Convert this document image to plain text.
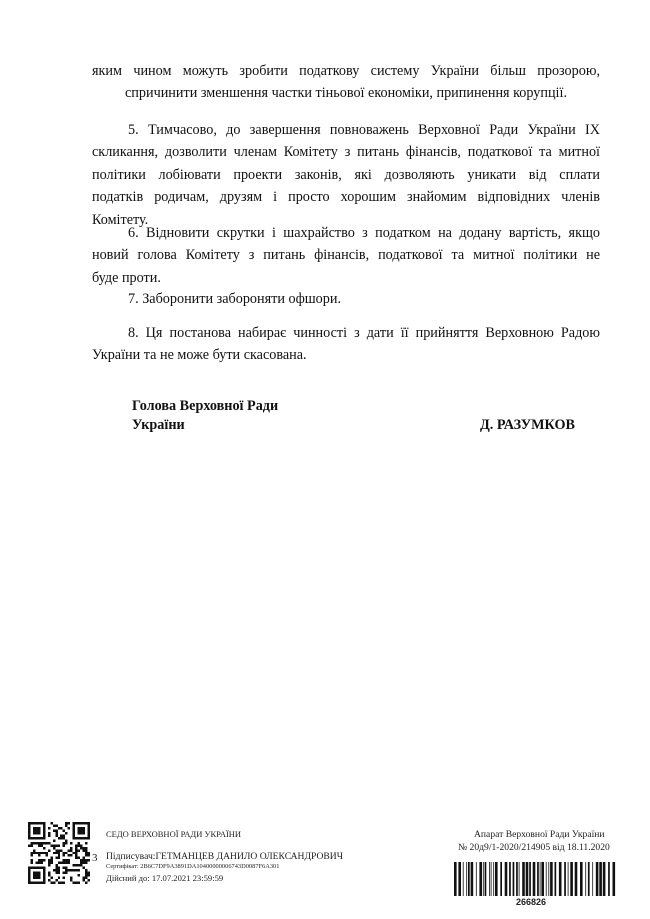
яким чином можуть зробити податкову систему України більш прозорою,
спричинити зменшення частки тіньової економіки, припинення корупції.
5. Тимчасово, до завершення повноважень Верховної Ради України IX
скликання, дозволити членам Комітету з питань фінансів, податкової та митної
політики лобіювати проекти законів, які дозволяють уникати від сплати
податків родичам, друзям і просто хорошим знайомим відповідних членів
Комітету.
6. Відновити скрутки і шахрайство з податком на додану вартість, якщо
новий голова Комітету з питань фінансів, податкової та митної політики не
буде проти.
7. Заборонити забороняти офшори.
8. Ця постанова набирає чинності з дати її прийняття Верховною Радою
України та не може бути скасована.
Голова Верховної Ради
України	Д. РАЗУМКОВ
СЕДО ВЕРХОВНОЇ РАДИ УКРАЇНИ
3 Підписувач:ГЕТМАНЦЕВ ДАНИЛО ОЛЕКСАНДРОВИЧ
Сертифікат: 2B6C7DF9A3891DA10400000006743D0087F6A301
Дійсний до: 17.07.2021 23:59:59
Апарат Верховної Ради України
№ 20д9/1-2020/214905 від 18.11.2020
266826
